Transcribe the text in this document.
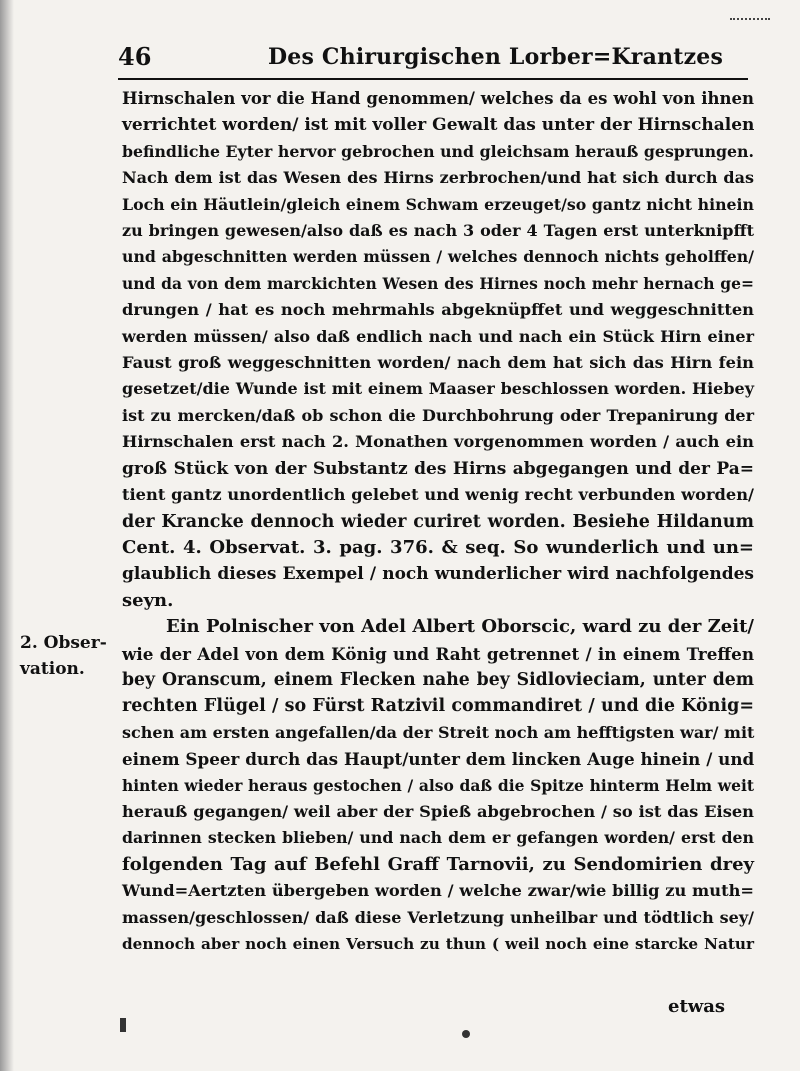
46	Des Chirurgischen Lorber=Krantzes
2. Obser-
vation.
Hirnschalen vor die Hand genommen/ welches da es wohl von ihnen
verrichtet worden/ ist mit voller Gewalt das unter der Hirnschalen
befindliche Eyter hervor gebrochen und gleichsam herauß gesprungen.
Nach dem ist das Wesen des Hirns zerbrochen/und hat sich durch das
Loch ein Häutlein/gleich einem Schwam erzeuget/so gantz nicht hinein
zu bringen gewesen/also daß es nach 3 oder 4 Tagen erst unterknipfft
und abgeschnitten werden müssen / welches dennoch nichts geholffen/
und da von dem marckichten Wesen des Hirnes noch mehr hernach ge=
drungen / hat es noch mehrmahls abgeknüpffet und weggeschnitten
werden müssen/ also daß endlich nach und nach ein Stück Hirn einer
Faust groß weggeschnitten worden/ nach dem hat sich das Hirn fein
gesetzet/die Wunde ist mit einem Maaser beschlossen worden. Hiebey
ist zu mercken/daß ob schon die Durchbohrung oder Trepanirung der
Hirnschalen erst nach 2. Monathen vorgenommen worden / auch ein
groß Stück von der Substantz des Hirns abgegangen und der Pa=
tient gantz unordentlich gelebet und wenig recht verbunden worden/
der Krancke dennoch wieder curiret worden. Besiehe Hildanum
Cent. 4. Observat. 3. pag. 376. & seq. So wunderlich und un=
glaublich dieses Exempel / noch wunderlicher wird nachfolgendes
seyn.
Ein Polnischer von Adel Albert Oborscic, ward zu der Zeit/
wie der Adel von dem König und Raht getrennet / in einem Treffen
bey Oranscum, einem Flecken nahe bey Sidlovieciam, unter dem
rechten Flügel / so Fürst Ratzivil commandiret / und die König=
schen am ersten angefallen/da der Streit noch am hefftigsten war/ mit
einem Speer durch das Haupt/unter dem lincken Auge hinein / und
hinten wieder heraus gestochen / also daß die Spitze hinterm Helm weit
herauß gegangen/ weil aber der Spieß abgebrochen / so ist das Eisen
darinnen stecken blieben/ und nach dem er gefangen worden/ erst den
folgenden Tag auf Befehl Graff Tarnovii, zu Sendomirien drey
Wund=Aertzten übergeben worden / welche zwar/wie billig zu muth=
massen/geschlossen/ daß diese Verletzung unheilbar und tödtlich sey/
dennoch aber noch einen Versuch zu thun ( weil noch eine starcke Natur
etwas
